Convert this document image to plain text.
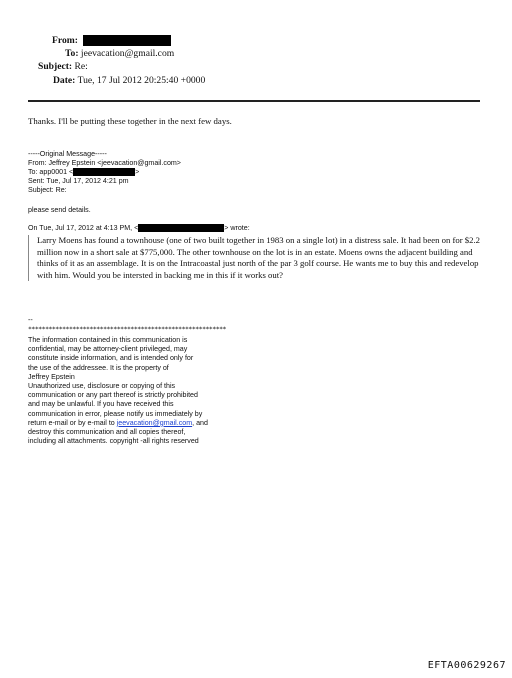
From:
To: jeevacation@gmail.com
Subject: Re:
Date: Tue, 17 Jul 2012 20:25:40 +0000
Thanks. I'll be putting these together in the next few days.
-----Original Message-----
From: Jeffrey Epstein <jeevacation@gmail.com>
To: app0001 <	>
Sent: Tue, Jul 17, 2012 4:21 pm
Subject: Re:
please send details.
On Tue, Jul 17, 2012 at 4:13 PM, <	> wrote:
Larry Moens has found a townhouse (one of two built together in 1983 on a single lot) in a distress sale. It had been on for $2.2 million now in a short sale at $775,000. The other townhouse on the lot is in an estate. Moens owns the adjacent building and thinks of it as an assemblage. It is on the Intracoastal just north of the par 3 golf course. He wants me to buy this and redevelop with him. Would you be intersted in backing me in this if it works out?
--
**********************************************************
The information contained in this communication is
confidential, may be attorney-client privileged, may
constitute inside information, and is intended only for
the use of the addressee. It is the property of
Jeffrey Epstein
Unauthorized use, disclosure or copying of this
communication or any part thereof is strictly prohibited
and may be unlawful. If you have received this
communication in error, please notify us immediately by
return e-mail or by e-mail to jeevacation@gmail.com, and
destroy this communication and all copies thereof,
including all attachments. copyright -all rights reserved
EFTA00629267
